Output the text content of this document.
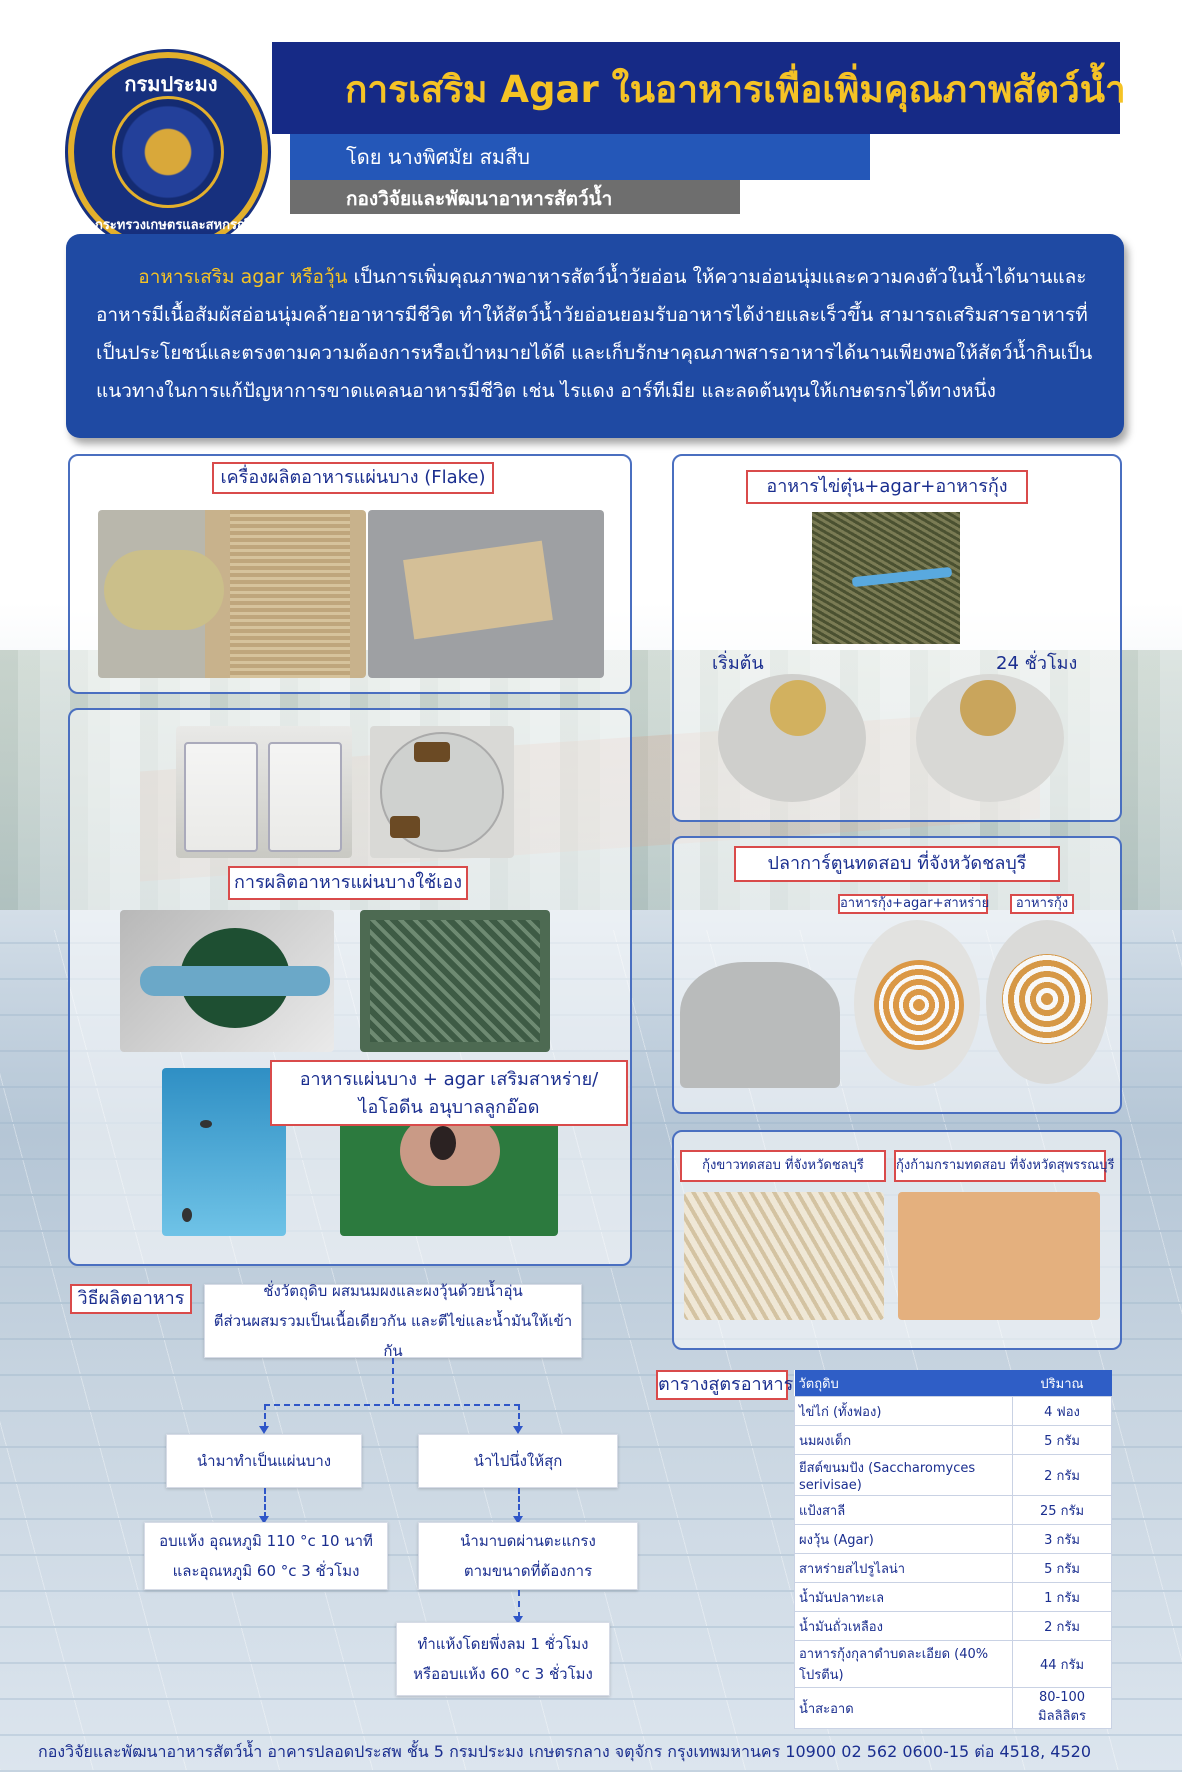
การเสริม Agar ในอาหารเพื่อเพิ่มคุณภาพสัตว์น้ำ
โดย นางพิศมัย สมสืบ
กองวิจัยและพัฒนาอาหารสัตว์น้ำ
กรมประมง
กระทรวงเกษตรและสหกรณ์
อาหารเสริม agar หรือวุ้น เป็นการเพิ่มคุณภาพอาหารสัตว์น้ำวัยอ่อน ให้ความอ่อนนุ่มและความคงตัวในน้ำได้นานและอาหารมีเนื้อสัมผัสอ่อนนุ่มคล้ายอาหารมีชีวิต ทำให้สัตว์น้ำวัยอ่อนยอมรับอาหารได้ง่ายและเร็วขึ้น สามารถเสริมสารอาหารที่เป็นประโยชน์และตรงตามความต้องการหรือเป้าหมายได้ดี และเก็บรักษาคุณภาพสารอาหารได้นานเพียงพอให้สัตว์น้ำกินเป็นแนวทางในการแก้ปัญหาการขาดแคลนอาหารมีชีวิต เช่น ไรแดง อาร์ทีเมีย และลดต้นทุนให้เกษตรกรได้ทางหนึ่ง
เครื่องผลิตอาหารแผ่นบาง (Flake)
การผลิตอาหารแผ่นบางใช้เอง
อาหารแผ่นบาง + agar เสริมสาหร่าย/ไอโอดีน อนุบาลลูกอ๊อด
อาหารไข่ตุ๋น+agar+อาหารกุ้ง
เริ่มต้น	24 ชั่วโมง
ปลาการ์ตูนทดสอบ ที่จังหวัดชลบุรี
อาหารกุ้ง+agar+สาหร่าย	อาหารกุ้ง
กุ้งขาวทดสอบ ที่จังหวัดชลบุรี	กุ้งก้ามกรามทดสอบ ที่จังหวัดสุพรรณบุรี
วิธีผลิตอาหาร	ชั่งวัตถุดิบ ผสมนมผงและผงวุ้นด้วยน้ำอุ่น
ตีส่วนผสมรวมเป็นเนื้อเดียวกัน และตีไข่และน้ำมันให้เข้ากัน
นำมาทำเป็นแผ่นบาง	นำไปนึ่งให้สุก
อบแห้ง อุณหภูมิ 110 °c 10 นาที
และอุณหภูมิ 60 °c 3 ชั่วโมง
นำมาบดผ่านตะแกรง
ตามขนาดที่ต้องการ
ทำแห้งโดยพึ่งลม 1 ชั่วโมง
หรืออบแห้ง 60 °c 3 ชั่วโมง
ตารางสูตรอาหาร วัตถุดิบ	ปริมาณ
ไข่ไก่ (ทั้งฟอง)	4 ฟอง
นมผงเด็ก	5 กรัม
ยีสต์ขนมปัง (Saccharomyces serivisae)	2 กรัม
แป้งสาลี	25 กรัม
ผงวุ้น (Agar)	3 กรัม
สาหร่ายสไปรูไลน่า	5 กรัม
น้ำมันปลาทะเล	1 กรัม
น้ำมันถั่วเหลือง	2 กรัม
อาหารกุ้งกุลาดำบดละเอียด (40% โปรตีน)	44 กรัม
น้ำสะอาด	80-100 มิลลิลิตร
กองวิจัยและพัฒนาอาหารสัตว์น้ำ อาคารปลอดประสพ ชั้น 5 กรมประมง เกษตรกลาง จตุจักร กรุงเทพมหานคร 10900 02 562 0600-15 ต่อ 4518, 4520
